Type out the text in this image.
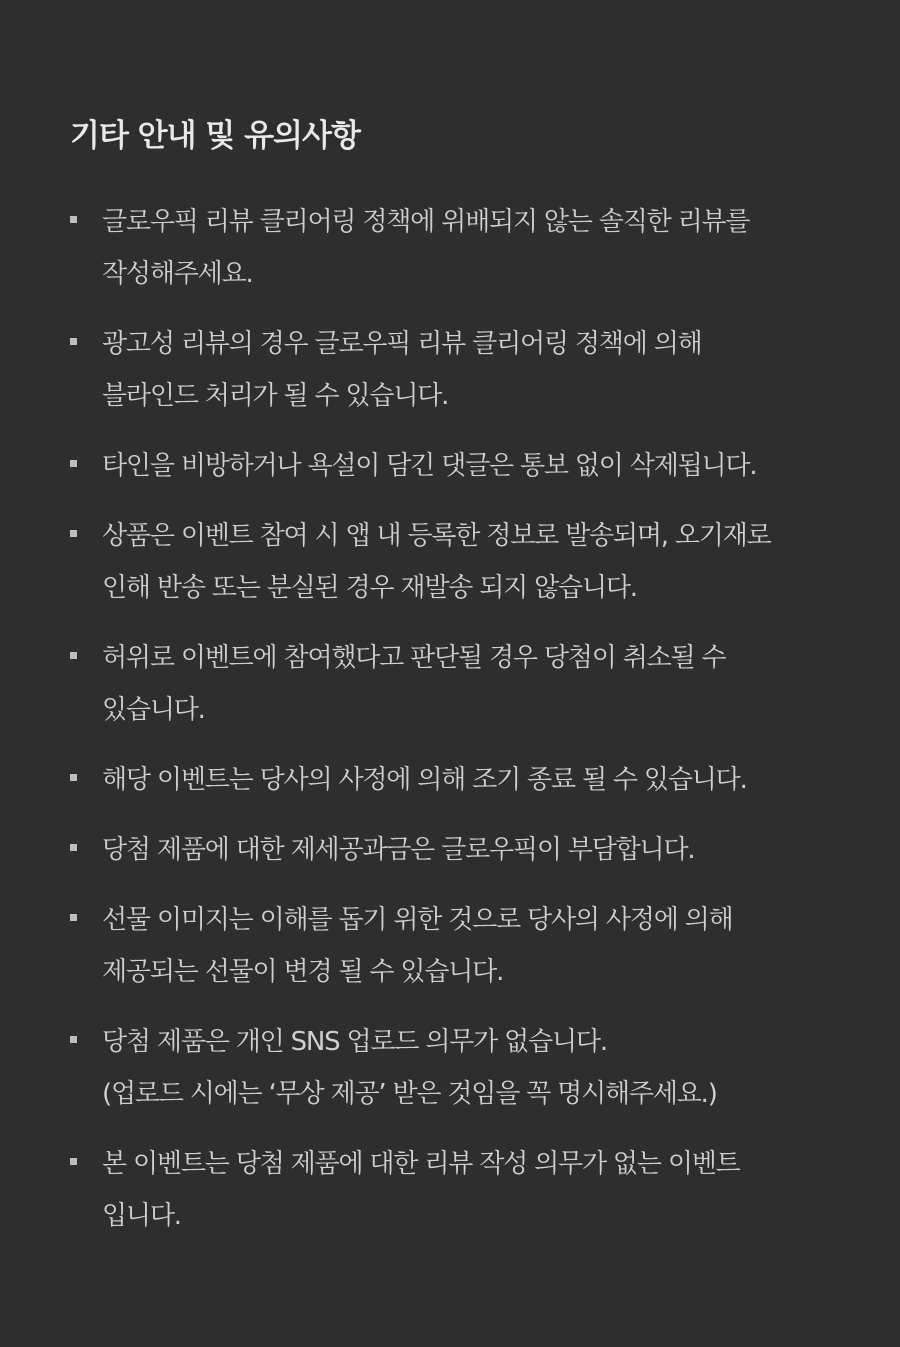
기타 안내 및 유의사항
글로우픽 리뷰 클리어링 정책에 위배되지 않는 솔직한 리뷰를
작성해주세요.
광고성 리뷰의 경우 글로우픽 리뷰 클리어링 정책에 의해
블라인드 처리가 될 수 있습니다.
타인을 비방하거나 욕설이 담긴 댓글은 통보 없이 삭제됩니다.
상품은 이벤트 참여 시 앱 내 등록한 정보로 발송되며, 오기재로
인해 반송 또는 분실된 경우 재발송 되지 않습니다.
허위로 이벤트에 참여했다고 판단될 경우 당첨이 취소될 수
있습니다.
해당 이벤트는 당사의 사정에 의해 조기 종료 될 수 있습니다.
당첨 제품에 대한 제세공과금은 글로우픽이 부담합니다.
선물 이미지는 이해를 돕기 위한 것으로 당사의 사정에 의해
제공되는 선물이 변경 될 수 있습니다.
당첨 제품은 개인 SNS 업로드 의무가 없습니다.
(업로드 시에는 ‘무상 제공’ 받은 것임을 꼭 명시해주세요.)
본 이벤트는 당첨 제품에 대한 리뷰 작성 의무가 없는 이벤트
입니다.
